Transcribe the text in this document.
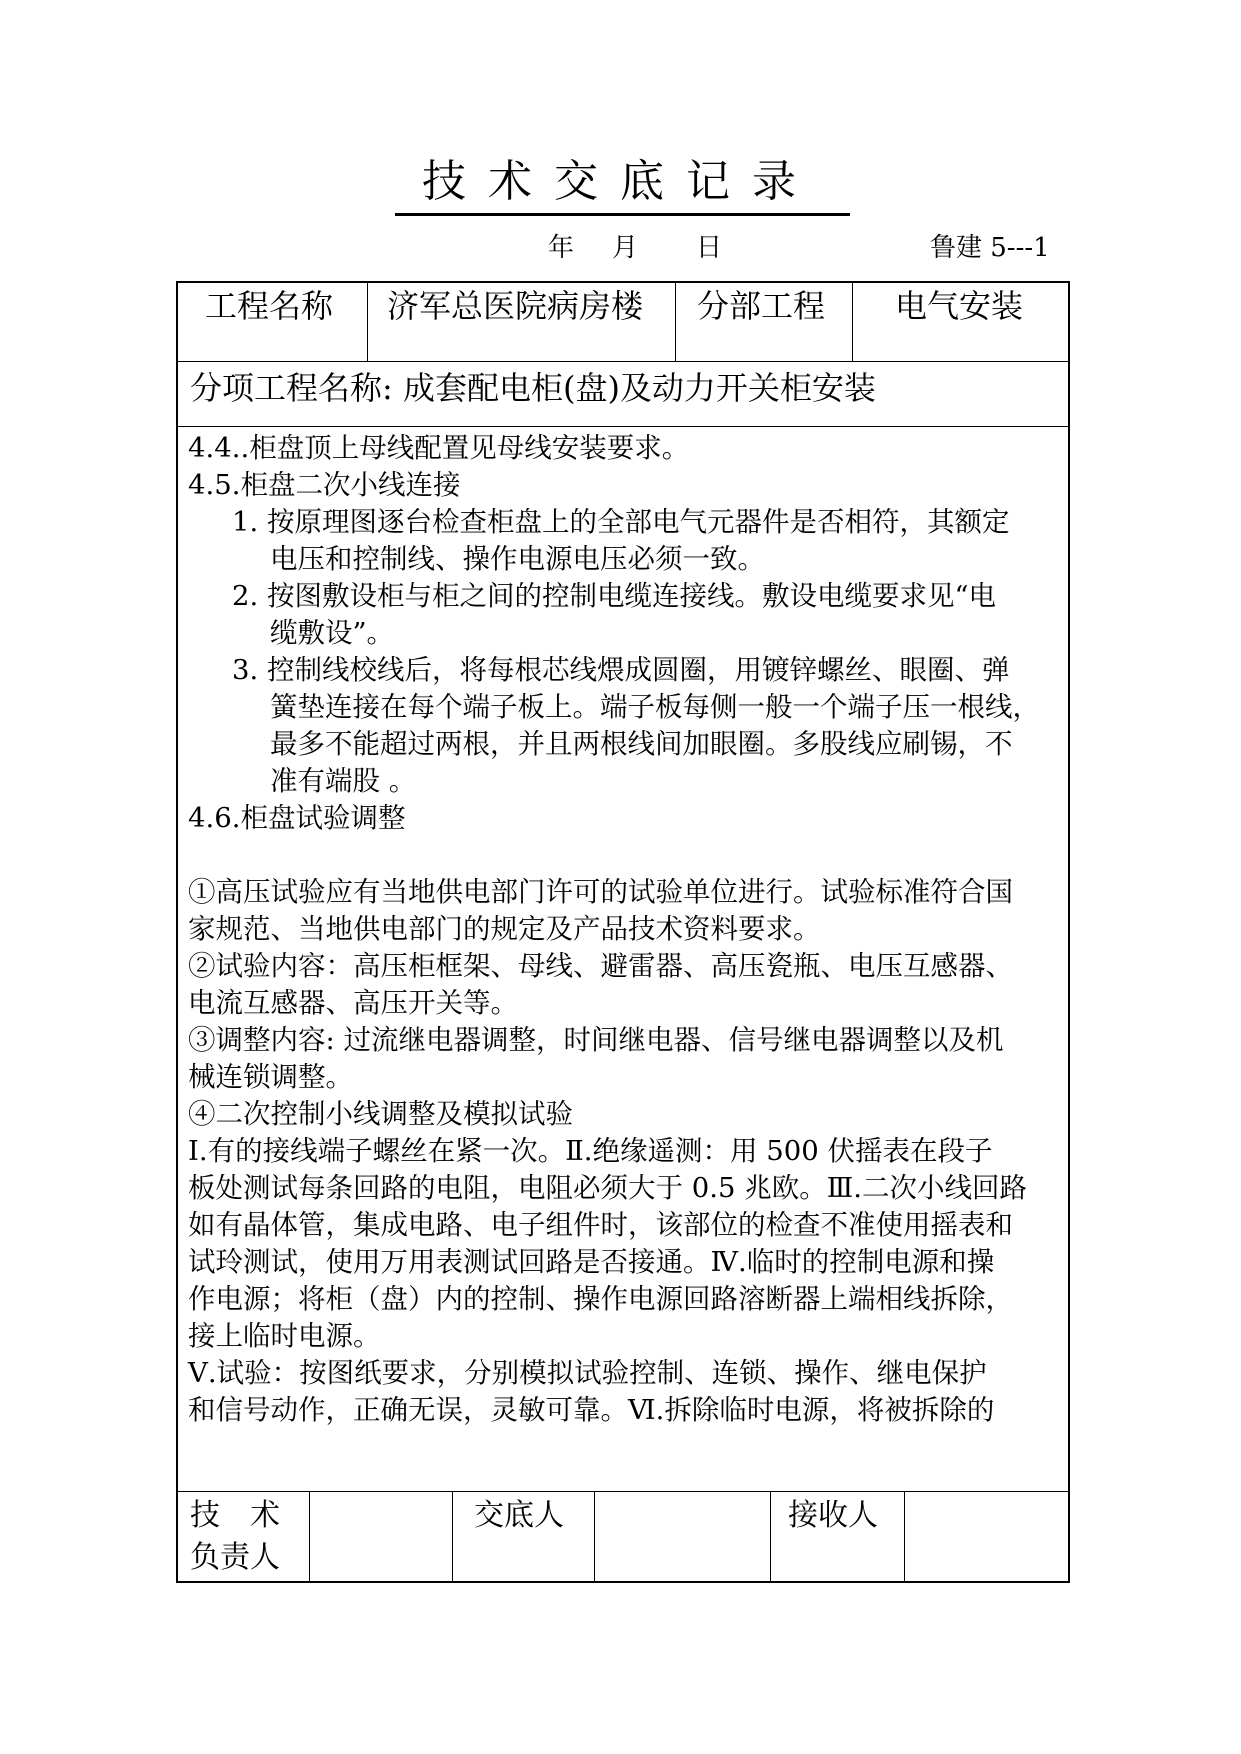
技术交底记录
年 月 日	鲁建 5---1
工程名称 济军总医院病房楼 分部工程 电气安装
分项工程名称: 成套配电柜(盘)及动力开关柜安装
4.4..柜盘顶上母线配置见母线安装要求。
4.5.柜盘二次小线连接
1. 按原理图逐台检查柜盘上的全部电气元器件是否相符，其额定
电压和控制线、操作电源电压必须一致。
2. 按图敷设柜与柜之间的控制电缆连接线。敷设电缆要求见“电
缆敷设”。
3. 控制线校线后，将每根芯线煨成圆圈，用镀锌螺丝、眼圈、弹
簧垫连接在每个端子板上。端子板每侧一般一个端子压一根线，
最多不能超过两根，并且两根线间加眼圈。多股线应刷锡，不
准有端股 。
4.6.柜盘试验调整
①高压试验应有当地供电部门许可的试验单位进行。试验标准符合国
家规范、当地供电部门的规定及产品技术资料要求。
②试验内容：高压柜框架、母线、避雷器、高压瓷瓶、电压互感器、
电流互感器、高压开关等。
③调整内容: 过流继电器调整，时间继电器、信号继电器调整以及机
械连锁调整。
④二次控制小线调整及模拟试验
Ⅰ.有的接线端子螺丝在紧一次。Ⅱ.绝缘遥测：用 500 伏摇表在段子
板处测试每条回路的电阻，电阻必须大于 0.5 兆欧。Ⅲ.二次小线回路
如有晶体管，集成电路、电子组件时，该部位的检查不准使用摇表和
试玲测试，使用万用表测试回路是否接通。Ⅳ.临时的控制电源和操
作电源；将柜（盘）内的控制、操作电源回路溶断器上端相线拆除，
接上临时电源。
Ⅴ.试验：按图纸要求，分别模拟试验控制、连锁、操作、继电保护
和信号动作，正确无误，灵敏可靠。Ⅵ.拆除临时电源，将被拆除的
技　术
负责人
交底人	接收人
